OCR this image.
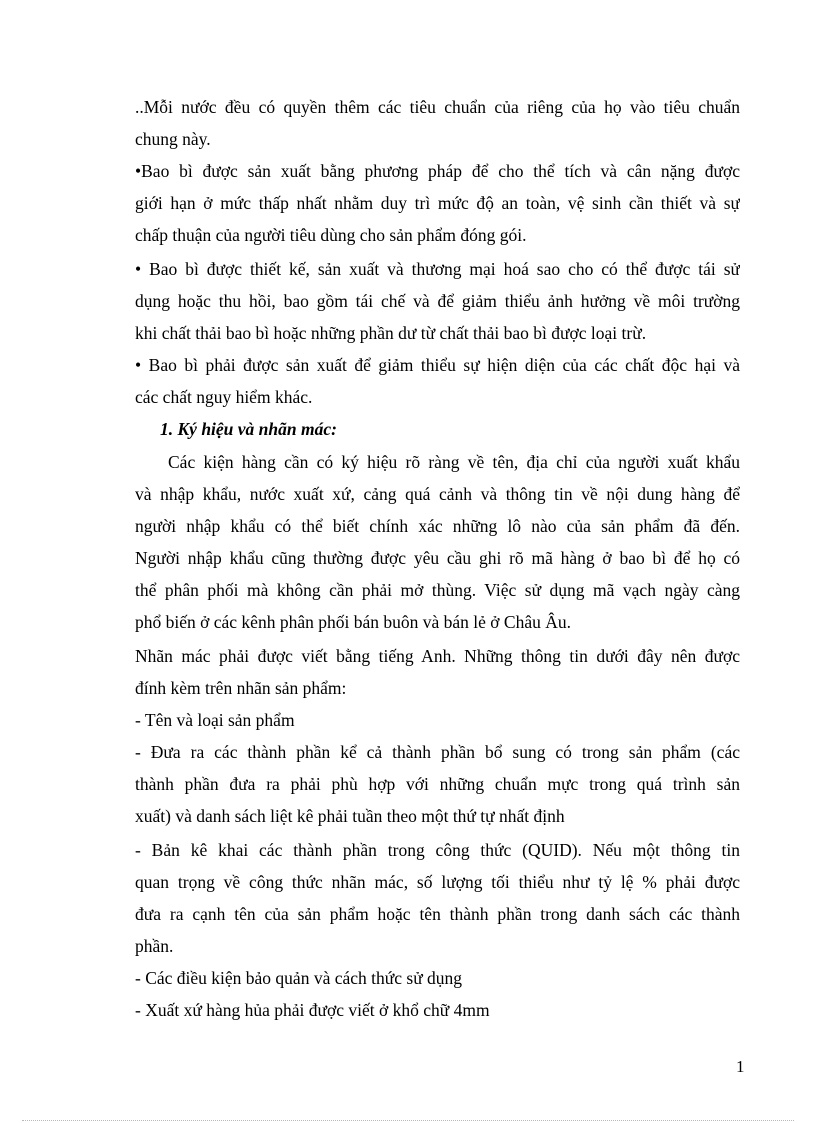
..Mỗi nước đều có quyền thêm các tiêu chuẩn của riêng của họ vào tiêu chuẩn
chung này.
•Bao bì được sản xuất bằng phương pháp để cho thể tích và cân nặng được
giới hạn ở mức thấp nhất nhằm duy trì mức độ an toàn, vệ sinh cần thiết và sự
chấp thuận của người tiêu dùng cho sản phẩm đóng gói.
• Bao bì được thiết kế, sản xuất và thương mại hoá sao cho có thể được tái sử
dụng hoặc thu hồi, bao gồm tái chế và để giảm thiểu ảnh hưởng về môi trường
khi chất thải bao bì hoặc những phần dư từ chất thải bao bì được loại trừ.
• Bao bì phải được sản xuất để giảm thiểu sự hiện diện của các chất độc hại và
các chất nguy hiểm khác.
1. Ký hiệu và nhãn mác:
Các kiện hàng cần có ký hiệu rõ ràng về tên, địa chỉ của người xuất khẩu
và nhập khẩu, nước xuất xứ, cảng quá cảnh và thông tin về nội dung hàng để
người nhập khẩu có thể biết chính xác những lô nào của sản phẩm đã đến.
Người nhập khẩu cũng thường được yêu cầu ghi rõ mã hàng ở bao bì để họ có
thể phân phối mà không cần phải mở thùng. Việc sử dụng mã vạch ngày càng
phổ biến ở các kênh phân phối bán buôn và bán lẻ ở Châu Âu.
Nhãn mác phải được viết bằng tiếng Anh. Những thông tin dưới đây nên được
đính kèm trên nhãn sản phẩm:
- Tên và loại sản phẩm
- Đưa ra các thành phần kể cả thành phần bổ sung có trong sản phẩm (các
thành phần đưa ra phải phù hợp với những chuẩn mực trong quá trình sản
xuất) và danh sách liệt kê phải tuần theo một thứ tự nhất định
- Bản kê khai các thành phần trong công thức (QUID). Nếu một thông tin
quan trọng về công thức nhãn mác, số lượng tối thiểu như tỷ lệ % phải được
đưa ra cạnh tên của sản phẩm hoặc tên thành phần trong danh sách các thành
phần.
- Các điều kiện bảo quản và cách thức sử dụng
- Xuất xứ hàng hủa phải được viết ở khổ chữ 4mm
1
